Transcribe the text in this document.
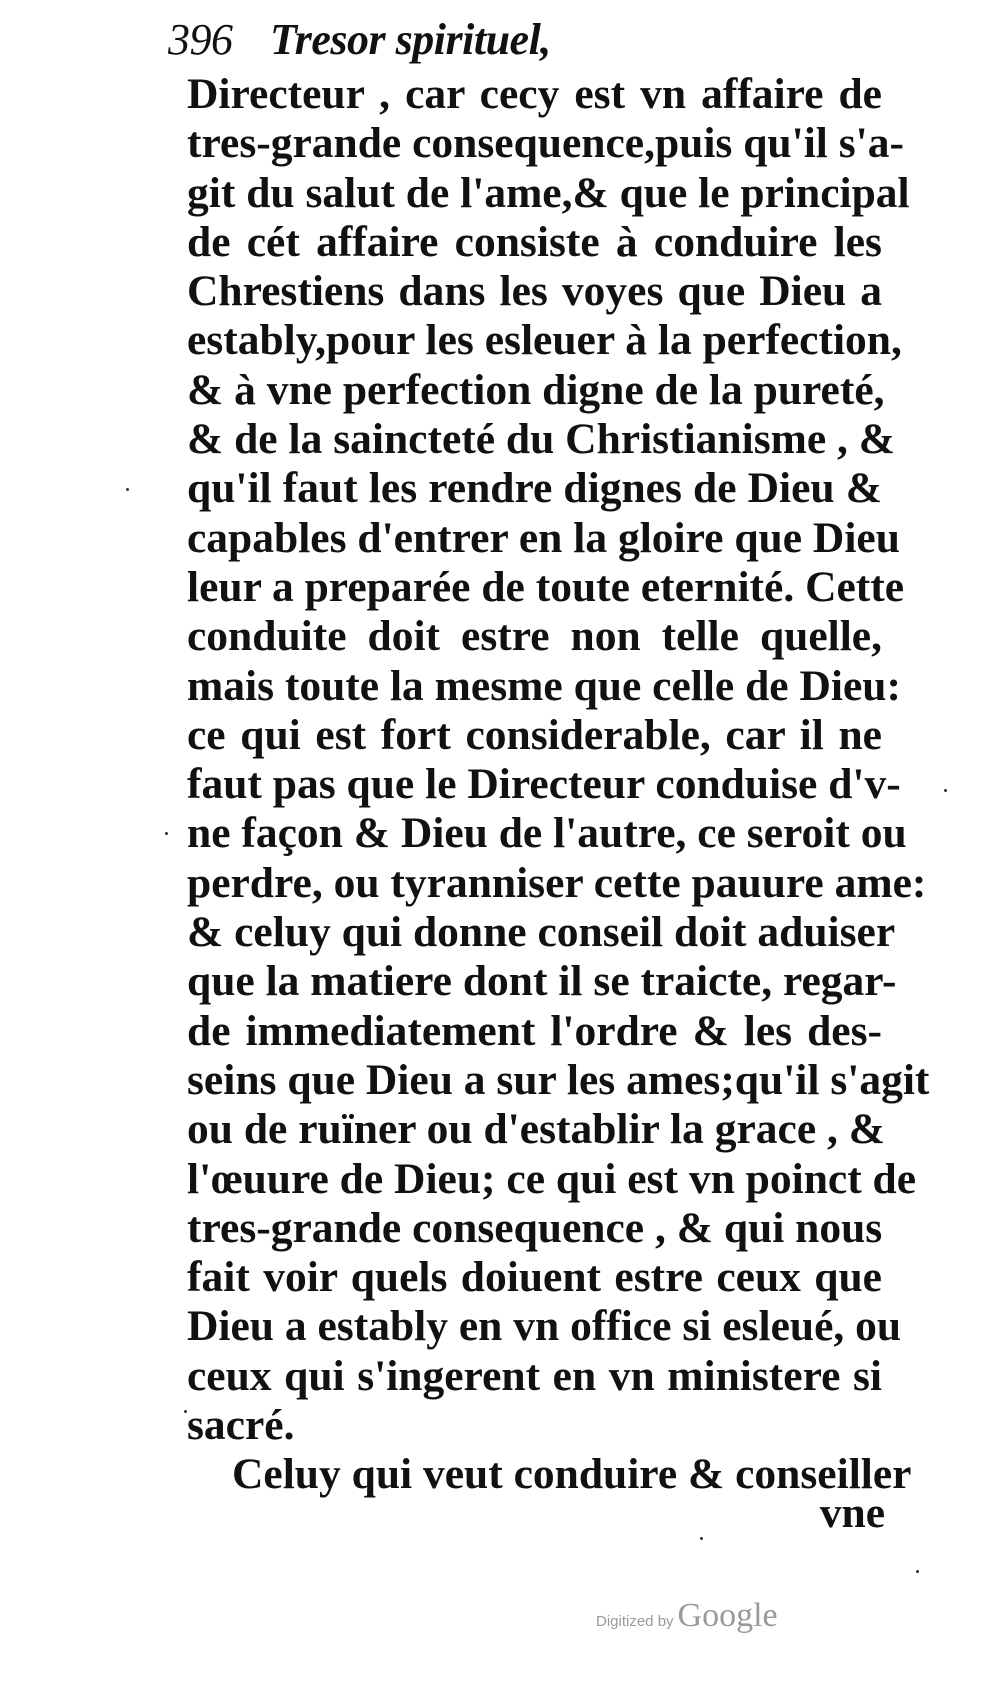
396 Tresor spirituel,
Directeur , car cecy est vn affaire de
tres-grande consequence,puis qu'il s'a-
git du salut de l'ame,& que le principal
de cét affaire consiste à conduire les
Chrestiens dans les voyes que Dieu a
estably,pour les esleuer à la perfection,
& à vne perfection digne de la pureté,
& de la saincteté du Christianisme , &
qu'il faut les rendre dignes de Dieu &
capables d'entrer en la gloire que Dieu
leur a preparée de toute eternité. Cette
conduite doit estre non telle quelle,
mais toute la mesme que celle de Dieu:
ce qui est fort considerable, car il ne
faut pas que le Directeur conduise d'v-
ne façon & Dieu de l'autre, ce seroit ou
perdre, ou tyranniser cette pauure ame:
& celuy qui donne conseil doit aduiser
que la matiere dont il se traicte, regar-
de immediatement l'ordre & les des-
seins que Dieu a sur les ames;qu'il s'agit
ou de ruïner ou d'establir la grace , &
l'œuure de Dieu; ce qui est vn poinct de
tres-grande consequence , & qui nous
fait voir quels doiuent estre ceux que
Dieu a estably en vn office si esleué, ou
ceux qui s'ingerent en vn ministere si
sacré.
Celuy qui veut conduire & conseiller
vne
Digitized by Google
